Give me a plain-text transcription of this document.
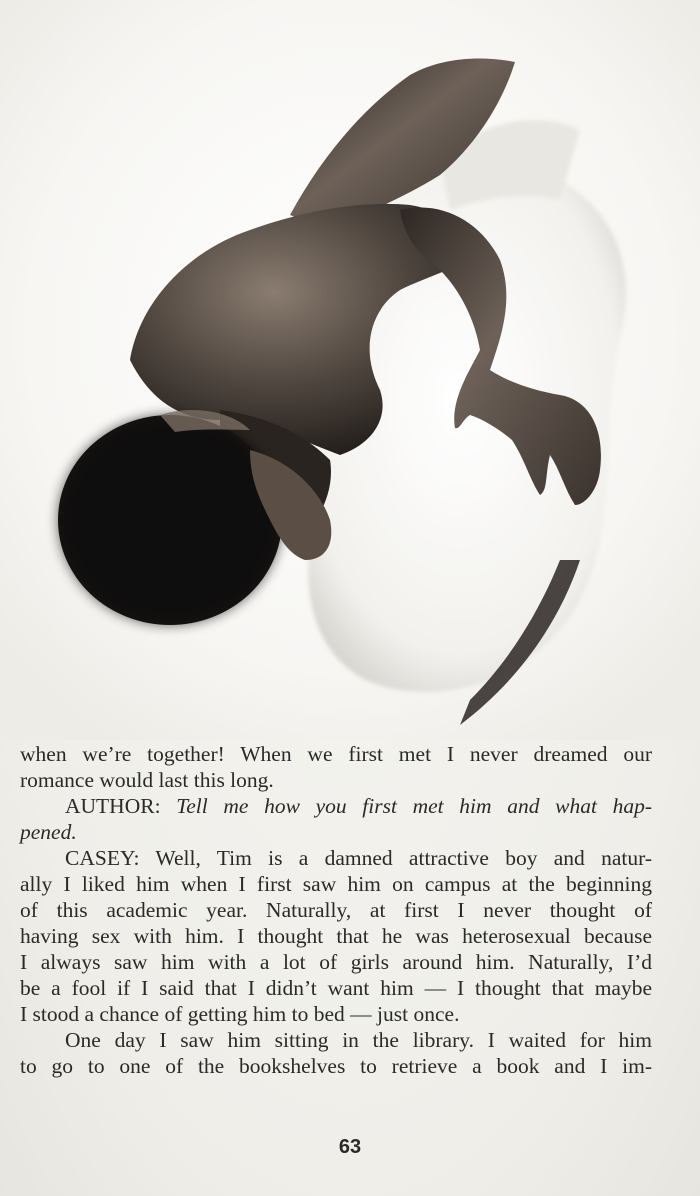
when we’re together! When we first met I never dreamed our
romance would last this long.
AUTHOR: Tell me how you first met him and what hap-
pened.
CASEY: Well, Tim is a damned attractive boy and natur-
ally I liked him when I first saw him on campus at the beginning
of this academic year. Naturally, at first I never thought of
having sex with him. I thought that he was heterosexual because
I always saw him with a lot of girls around him. Naturally, I’d
be a fool if I said that I didn’t want him — I thought that maybe
I stood a chance of getting him to bed — just once.
One day I saw him sitting in the library. I waited for him
to go to one of the bookshelves to retrieve a book and I im-
63
